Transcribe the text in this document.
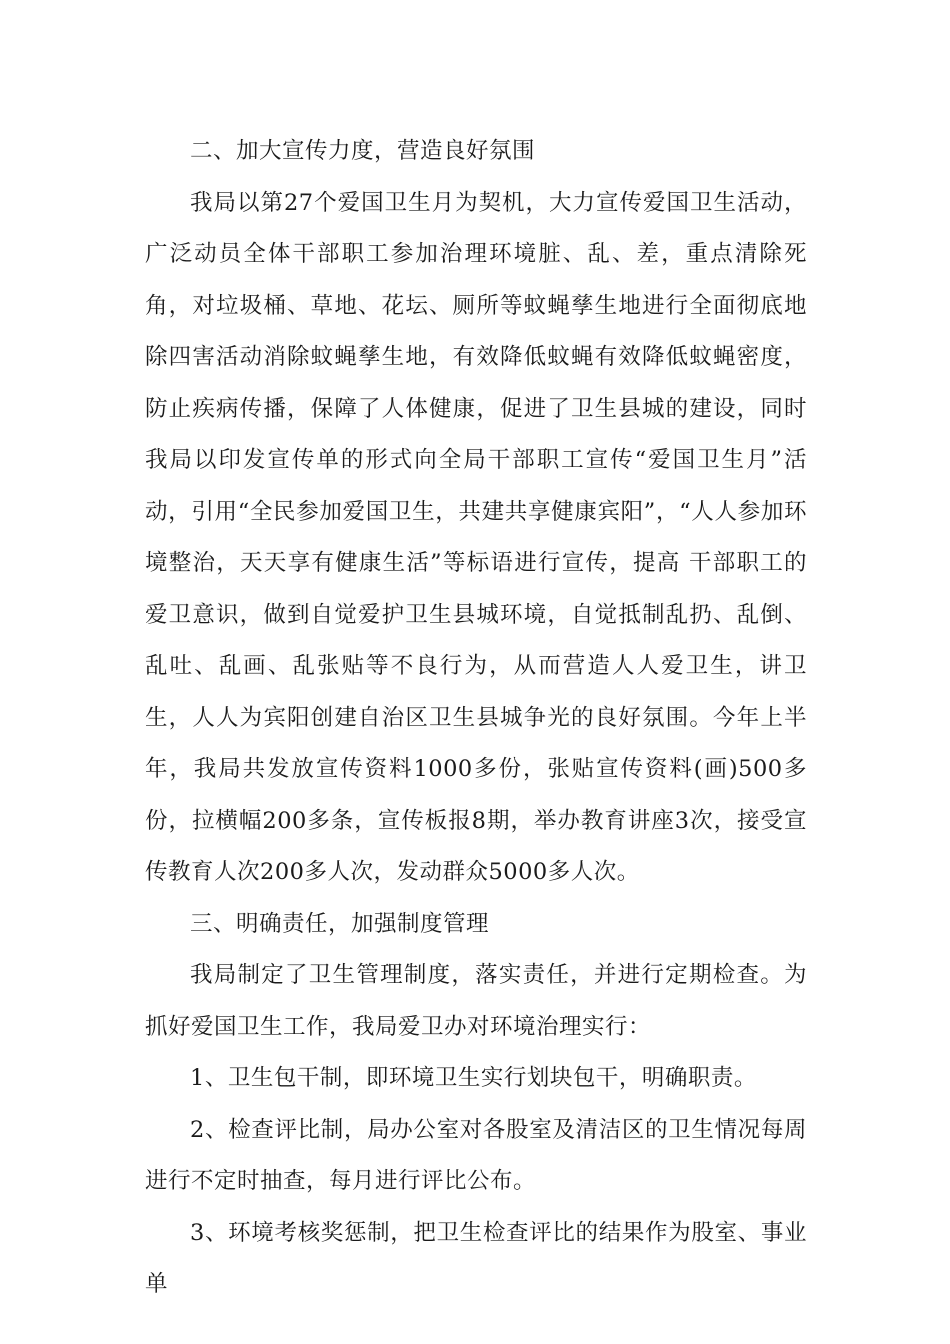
二、加大宣传力度，营造良好氛围

我局以第27个爱国卫生月为契机，大力宣传爱国卫生活动，广泛动员全体干部职工参加治理环境脏、乱、差，重点清除死角，对垃圾桶、草地、花坛、厕所等蚊蝇孳生地进行全面彻底地除四害活动消除蚊蝇孳生地，有效降低蚊蝇有效降低蚊蝇密度，防止疾病传播，保障了人体健康，促进了卫生县城的建设，同时我局以印发宣传单的形式向全局干部职工宣传“爱国卫生月”活动，引用“全民参加爱国卫生，共建共享健康宾阳”，“人人参加环境整治，天天享有健康生活”等标语进行宣传，提高 干部职工的爱卫意识，做到自觉爱护卫生县城环境，自觉抵制乱扔、乱倒、乱吐、乱画、乱张贴等不良行为，从而营造人人爱卫生，讲卫生，人人为宾阳创建自治区卫生县城争光的良好氛围。今年上半年，我局共发放宣传资料1000多份，张贴宣传资料(画)500多份，拉横幅200多条，宣传板报8期，举办教育讲座3次，接受宣传教育人次200多人次，发动群众5000多人次。

三、明确责任，加强制度管理

我局制定了卫生管理制度，落实责任，并进行定期检查。为抓好爱国卫生工作，我局爱卫办对环境治理实行：

1、卫生包干制，即环境卫生实行划块包干，明确职责。

2、检查评比制，局办公室对各股室及清洁区的卫生情况每周进行不定时抽查，每月进行评比公布。

3、环境考核奖惩制，把卫生检查评比的结果作为股室、事业单
